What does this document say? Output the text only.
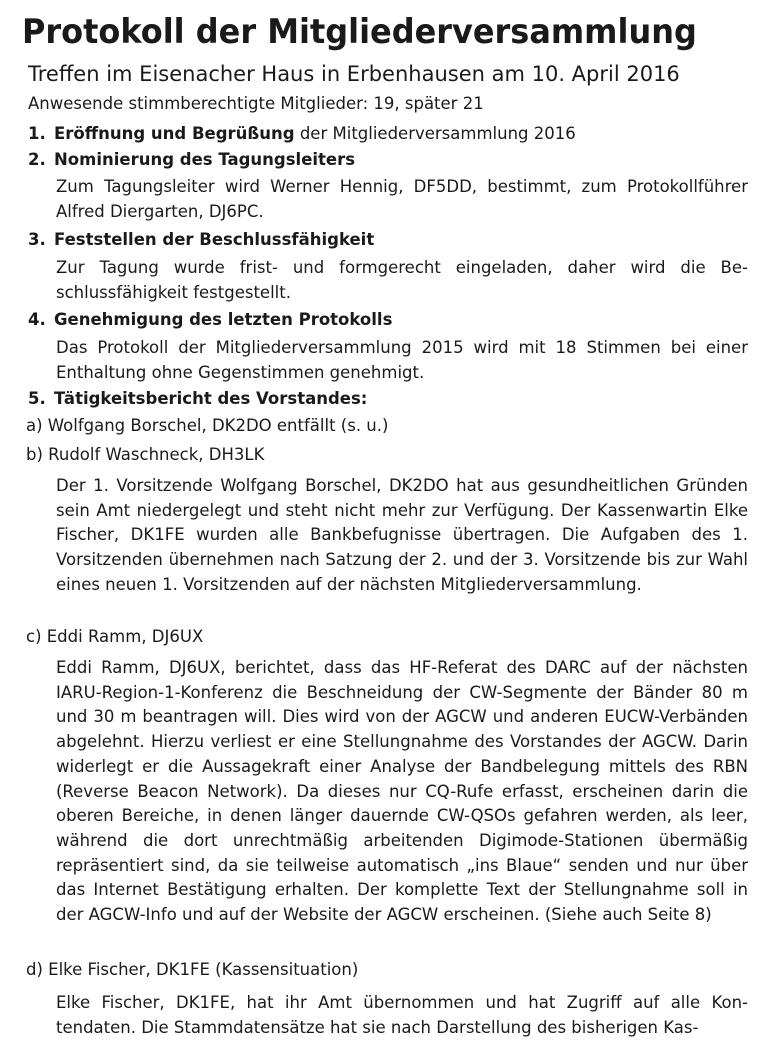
Protokoll der Mitgliederversammlung
Treffen im Eisenacher Haus in Erbenhausen am 10. April 2016
Anwesende stimmberechtigte Mitglieder: 19, später 21
1. Eröffnung und Begrüßung der Mitgliederversammlung 2016
2. Nominierung des Tagungsleiters

Zum Tagungsleiter wird Werner Hennig, DF5DD, bestimmt, zum Protokollführer Alfred Diergarten, DJ6PC.

3. Feststellen der Beschlussfähigkeit

Zur Tagung wurde frist- und formgerecht eingeladen, daher wird die Beschlussfähigkeit festgestellt.

4. Genehmigung des letzten Protokolls

Das Protokoll der Mitgliederversammlung 2015 wird mit 18 Stimmen bei einer Enthaltung ohne Gegenstimmen genehmigt.

5. Tätigkeitsbericht des Vorstandes:
a) Wolfgang Borschel, DK2DO entfällt (s. u.)
b) Rudolf Waschneck, DH3LK

Der 1. Vorsitzende Wolfgang Borschel, DK2DO hat aus gesundheitlichen Gründen sein Amt niedergelegt und steht nicht mehr zur Verfügung. Der Kassenwartin Elke Fischer, DK1FE wurden alle Bankbefugnisse übertragen. Die Aufgaben des 1. Vorsitzenden übernehmen nach Satzung der 2. und der 3. Vorsitzende bis zur Wahl eines neuen 1. Vorsitzenden auf der nächsten Mitgliederversammlung.

c) Eddi Ramm, DJ6UX

Eddi Ramm, DJ6UX, berichtet, dass das HF-Referat des DARC auf der nächsten IARU-Region-1-Konferenz die Beschneidung der CW-Segmente der Bänder 80 m und 30 m beantragen will. Dies wird von der AGCW und anderen EUCW-Verbänden abgelehnt. Hierzu verliest er eine Stellungnahme des Vorstandes der AGCW. Darin widerlegt er die Aussagekraft einer Analyse der Bandbelegung mittels des RBN (Reverse Beacon Network). Da dieses nur CQ-Rufe erfasst, erscheinen darin die oberen Bereiche, in denen länger dauernde CW-QSOs gefahren werden, als leer, während die dort unrechtmäßig arbeitenden Digimode-Stationen übermäßig repräsentiert sind, da sie teilweise automatisch „ins Blaue“ senden und nur über das Internet Bestätigung erhalten. Der komplette Text der Stellungnahme soll in der AGCW-Info und auf der Website der AGCW erscheinen. (Siehe auch Seite 8)

d) Elke Fischer, DK1FE (Kassensituation)

Elke Fischer, DK1FE, hat ihr Amt übernommen und hat Zugriff auf alle Kontendaten. Die Stammdatensätze hat sie nach Darstellung des bisherigen Kas-
